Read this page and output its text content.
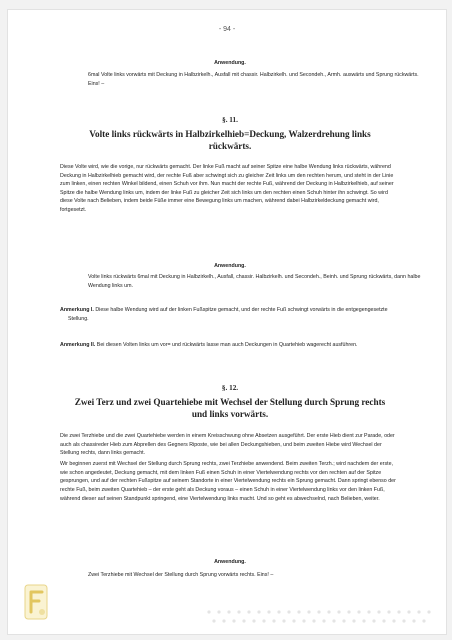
- 94 -
Anwendung.
6mal Volte links vorwärts mit Deckung in Halbzirkelh., Ausfall mit chassir. Halbzirkelh. und Secondeh., Armh. auswärts und Sprung rückwärts. Eins! –
§. 11.
Volte links rückwärts in Halbzirkelhieb=Deckung, Walzerdrehung links rückwärts.
Diese Volte wird, wie die vorige, nur rückwärts gemacht. Der linke Fuß macht auf seiner Spitze eine halbe Wendung links rückwärts, während Deckung in Halbzirkelhieb gemacht wird, der rechte Fuß aber schwingt sich zu gleicher Zeit links um den rechten herum, und steht in der Linie zum linken, einen rechten Winkel bildend, einen Schuh vor ihm. Nun macht der rechte Fuß, während der Deckung in Halbzirkelhieb, auf seiner Spitze die halbe Wendung links um, indem der linke Fuß zu gleicher Zeit sich links um den rechten einen Schuh hinter ihn schwingt. So wird diese Volte nach Belieben, indem beide Füße immer eine Bewegung links um machen, während dabei Halbzirkeldeckung gemacht wird, fortgesetzt.
Anwendung.
Volte links rückwärts 6mal mit Deckung in Halbzirkelh., Ausfall, chassir. Halbzirkelh. und Secondeh., Beinh. und Sprung rückwärts, dann halbe Wendung links um.
Anmerkung I. Diese halbe Wendung wird auf der linken Fußspitze gemacht, und der rechte Fuß schwingt vorwärts in die entgegengesetzte Stellung.
Anmerkung II. Bei diesen Volten links um vor= und rückwärts lasse man auch Deckungen in Quartehieb wagerecht ausführen.
§. 12.
Zwei Terz und zwei Quartehiebe mit Wechsel der Stellung durch Sprung rechts und links vorwärts.

Die zwei Terzhiebe und die zwei Quartehiebe werden in einem Kreisschwung ohne Absetzen ausgeführt. Der erste Hieb dient zur Parade, oder auch als chassireder Hieb zum Abprellen des Gegners Riposte, wie bei allen Deckungshieben, und beim zweiten Hiebe wird Wechsel der Stellung rechts, dann links gemacht.

Wir beginnen zuerst mit Wechsel der Stellung durch Sprung rechts, zwei Terzhiebe anwendend. Beim zweiten Terzh.; wird nachdem der erste, wie schon angedeutet, Deckung gemacht, mit dem linken Fuß einen Schuh in einer Viertelwendung rechts vor den rechten auf der Spitze gesprungen, und auf der rechten Fußspitze auf seinem Standorte in einer Viertelwendung rechts ein Sprung gemacht. Dann springt ebenso der rechte Fuß, beim zweiten Quartehieb – der erste geht als Deckung voraus – einen Schuh in einer Viertelwendung links vor den linken Fuß, während dieser auf seinen Standpunkt springend, eine Viertelwendung links macht. Und so geht es abwechselnd, nach Belieben, weiter.

Anwendung.
Zwei Terzhiebe mit Wechsel der Stellung durch Sprung vorwärts rechts. Eins! –
